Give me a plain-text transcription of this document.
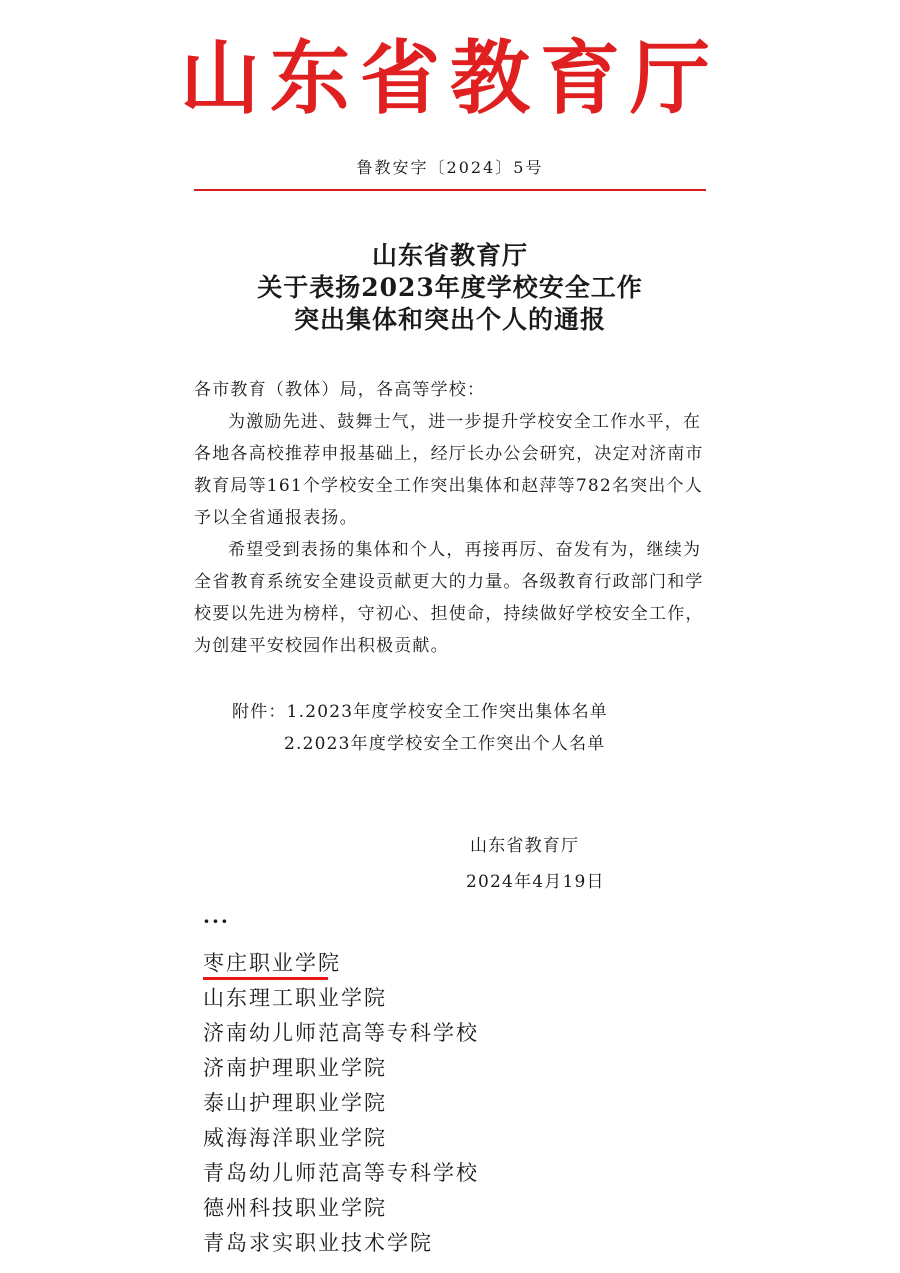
山东省教育厅
鲁教安字〔2024〕5号
山东省教育厅
关于表扬2023年度学校安全工作
突出集体和突出个人的通报
各市教育（教体）局，各高等学校：
为激励先进、鼓舞士气，进一步提升学校安全工作水平，在
各地各高校推荐申报基础上，经厅长办公会研究，决定对济南市
教育局等161个学校安全工作突出集体和赵萍等782名突出个人
予以全省通报表扬。
希望受到表扬的集体和个人，再接再厉、奋发有为，继续为
全省教育系统安全建设贡献更大的力量。各级教育行政部门和学
校要以先进为榜样，守初心、担使命，持续做好学校安全工作，
为创建平安校园作出积极贡献。
附件：1.2023年度学校安全工作突出集体名单
2.2023年度学校安全工作突出个人名单
山东省教育厅
2024年4月19日
···
枣庄职业学院
山东理工职业学院
济南幼儿师范高等专科学校
济南护理职业学院
泰山护理职业学院
威海海洋职业学院
青岛幼儿师范高等专科学校
德州科技职业学院
青岛求实职业技术学院
